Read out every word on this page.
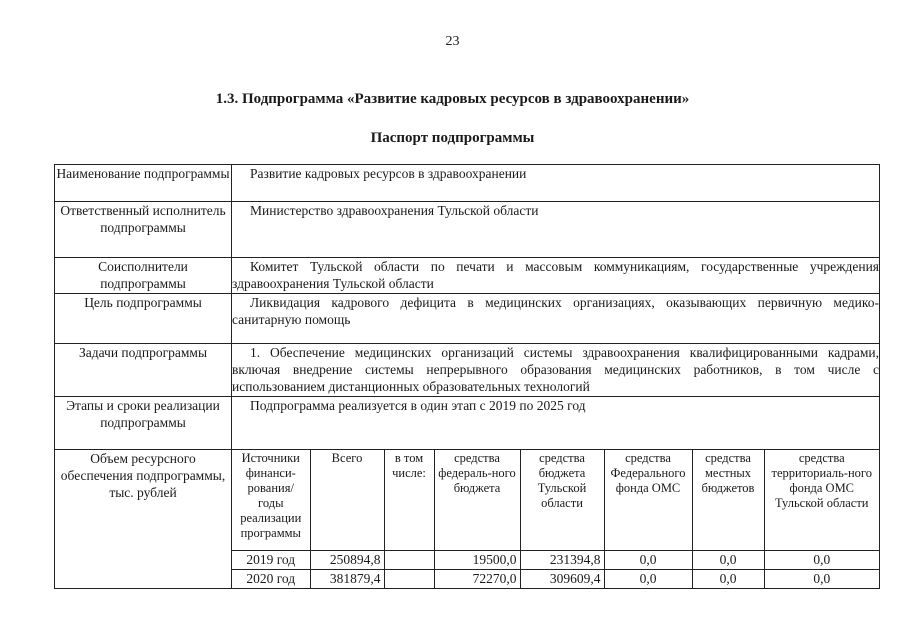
23
1.3. Подпрограмма «Развитие кадровых ресурсов в здравоохранении»
Паспорт подпрограммы
Наименование подпрограммы	Развитие кадровых ресурсов в здравоохранении
Ответственный исполнитель подпрограммы	Министерство здравоохранения Тульской области
Соисполнители подпрограммы	Комитет Тульской области по печати и массовым коммуникациям, государственные учреждения здравоохранения Тульской области
Цель подпрограммы	Ликвидация кадрового дефицита в медицинских организациях, оказывающих первичную медико-санитарную помощь
Задачи подпрограммы	1. Обеспечение медицинских организаций системы здравоохранения квалифицированными кадрами, включая внедрение системы непрерывного образования медицинских работников, в том числе с использованием дистанционных образовательных технологий
Этапы и сроки реализации подпрограммы	Подпрограмма реализуется в один этап с 2019 по 2025 год
Объем ресурсного обеспечения подпрограммы, тыс. рублей	
Источники финанси-рования/ годы реализации программы	Всего	в том числе:	средства федераль-ного бюджета	средства бюджета Тульской области	средства Федерального фонда ОМС	средства местных бюджетов	средства территориаль-ного фонда ОМС Тульской области
2019 год	250894,8		19500,0	231394,8	0,0	0,0	0,0
2020 год	381879,4		72270,0	309609,4	0,0	0,0	0,0
